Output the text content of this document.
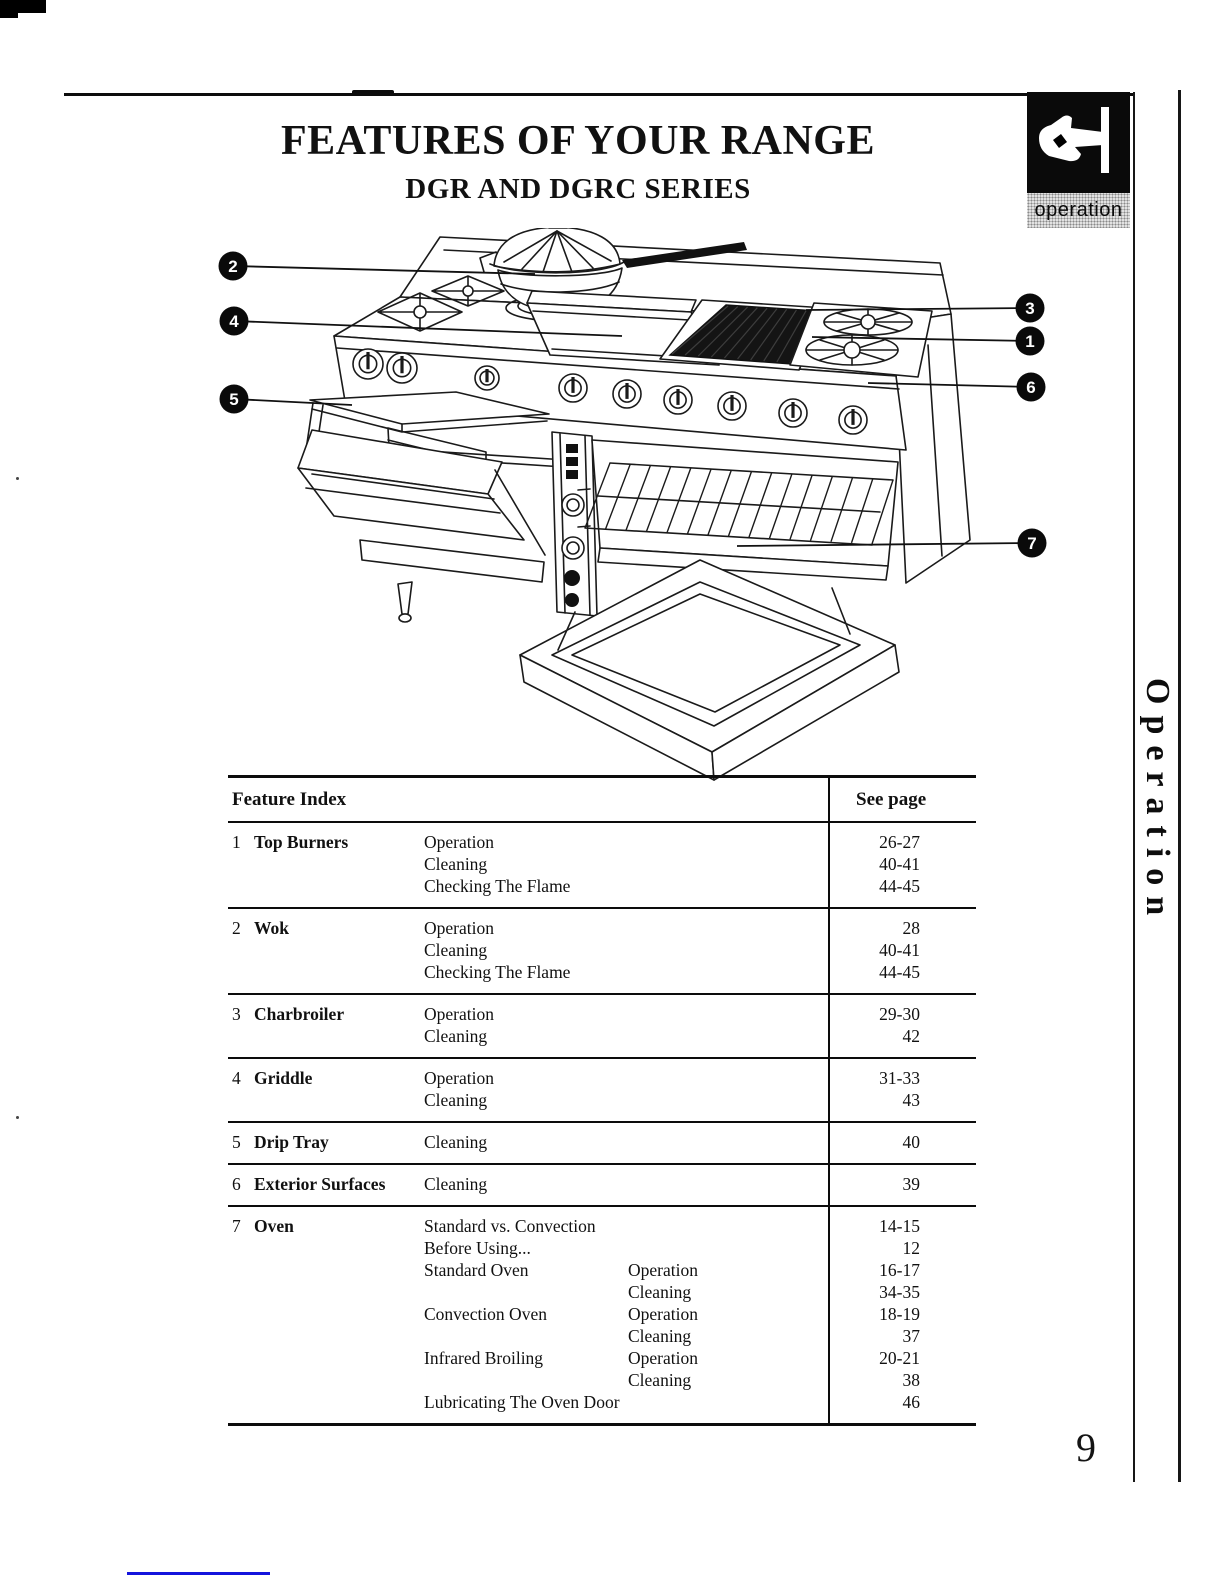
FEATURES OF YOUR RANGE
DGR AND DGRC SERIES
operation
Operation
1
2
3
4
5
6
7
Feature Index	See page
1 Top Burners	Operation	26-27
Cleaning	40-41
Checking The Flame	44-45
2 Wok	Operation	28
Cleaning	40-41
Checking The Flame	44-45
3 Charbroiler	Operation	29-30
Cleaning	42
4 Griddle	Operation	31-33
Cleaning	43
5 Drip Tray	Cleaning	40
6 Exterior Surfaces	Cleaning	39
7 Oven	Standard vs. Convection	14-15
Before Using...	12
Standard Oven	Operation	16-17
Cleaning	34-35
Convection Oven	Operation	18-19
Cleaning	37
Infrared Broiling	Operation	20-21
Cleaning	38
Lubricating The Oven Door	46
9
